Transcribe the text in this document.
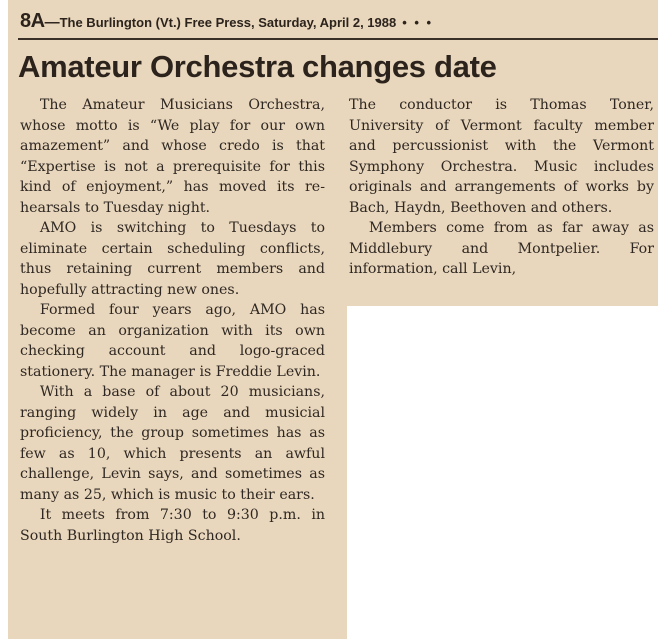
8A—The Burlington (Vt.) Free Press, Saturday, April 2, 1988 • • •
Amateur Orchestra changes date

The Amateur Musicians Orchestra, whose motto is “We play for our own amazement” and whose credo is that “Expertise is not a prerequisite for this kind of enjoyment,” has moved its rehearsals to Tuesday night.

AMO is switching to Tuesdays to eliminate certain scheduling conflicts, thus retaining current members and hopefully attracting new ones.

Formed four years ago, AMO has become an organization with its own checking account and logo-graced stationery. The manager is Freddie Levin.

With a base of about 20 musicians, ranging widely in age and musicial proficiency, the group sometimes has as few as 10, which presents an awful challenge, Levin says, and sometimes as many as 25, which is music to their ears.

It meets from 7:30 to 9:30 p.m. in South Burlington High School.

The conductor is Thomas Toner, University of Vermont faculty member and percussionist with the Vermont Symphony Orchestra. Music includes originals and arrangements of works by Bach, Haydn, Beethoven and others.

Members come from as far away as Middlebury and Montpelier. For information, call Levin,
